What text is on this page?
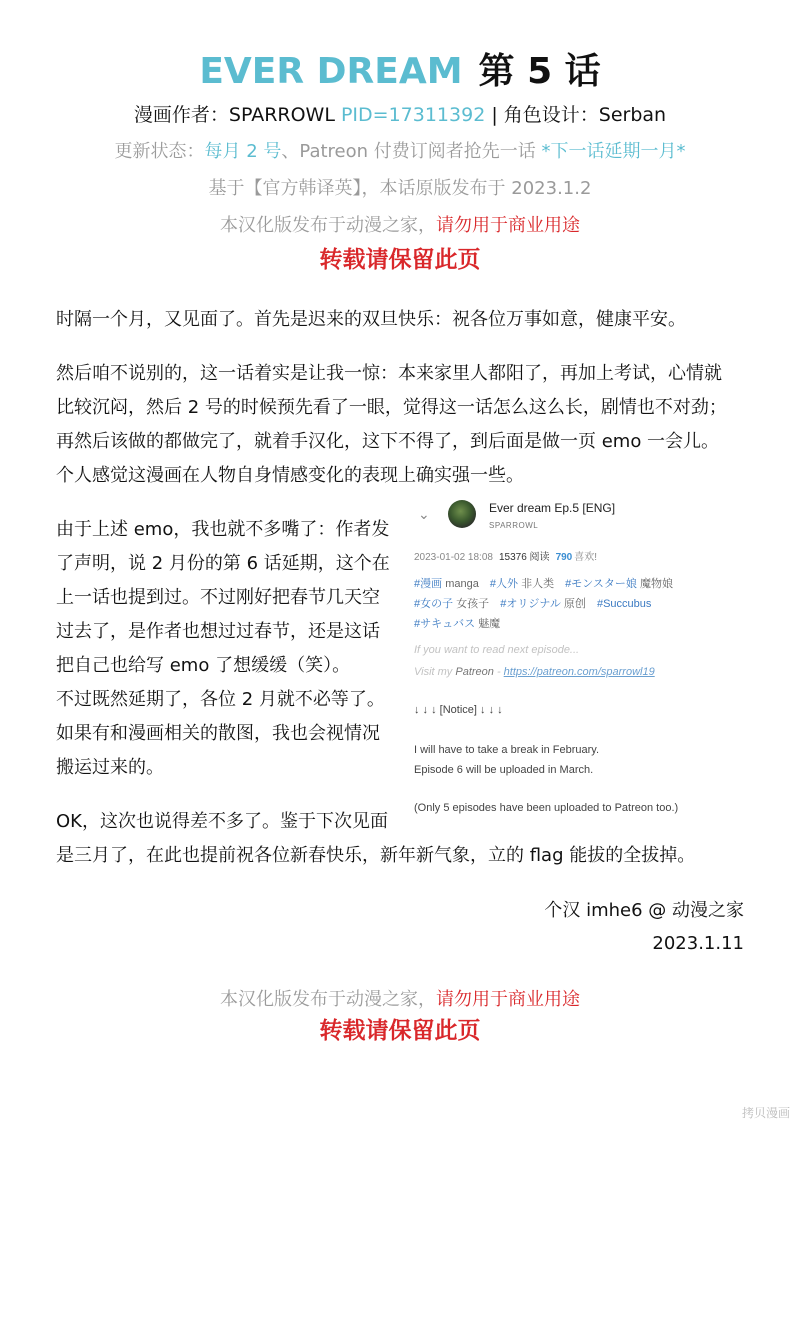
EVER DREAM 第 5 话
漫画作者：SPARROWL PID=17311392 | 角色设计：Serban
更新状态：每月 2 号、Patreon 付费订阅者抢先一话 *下一话延期一月*
基于【官方韩译英】，本话原版发布于 2023.1.2
本汉化版发布于动漫之家，请勿用于商业用途
转载请保留此页
时隔一个月，又见面了。首先是迟来的双旦快乐：祝各位万事如意，健康平安。
然后咱不说别的，这一话着实是让我一惊：本来家里人都阳了，再加上考试，心情就
比较沉闷，然后 2 号的时候预先看了一眼，觉得这一话怎么这么长，剧情也不对劲；
再然后该做的都做完了，就着手汉化，这下不得了，到后面是做一页 emo 一会儿。
个人感觉这漫画在人物自身情感变化的表现上确实强一些。
由于上述 emo，我也就不多嘴了：作者发
了声明，说 2 月份的第 6 话延期，这个在
上一话也提到过。不过刚好把春节几天空
过去了，是作者也想过过春节，还是这话
把自己也给写 emo 了想缓缓（笑）。
不过既然延期了，各位 2 月就不必等了。
如果有和漫画相关的散图，我也会视情况
搬运过来的。
OK，这次也说得差不多了。鉴于下次见面
是三月了，在此也提前祝各位新春快乐，新年新气象，立的 flag 能拔的全拔掉。
⌄	Ever dream Ep.5 [ENG]
SPARROWL
2023-01-02 18:08 15376 阅读 790 喜欢!
#漫画 manga #人外 非人类 #モンスター娘 魔物娘
#女の子 女孩子 #オリジナル 原创 #Succubus
#サキュバス 魅魔
If you want to read next episode...
Visit my Patreon - https://patreon.com/sparrowl19
↓ ↓ ↓ [Notice] ↓ ↓ ↓
I will have to take a break in February.
Episode 6 will be uploaded in March.
(Only 5 episodes have been uploaded to Patreon too.)
个汉 imhe6 @ 动漫之家
2023.1.11
本汉化版发布于动漫之家，请勿用于商业用途
转载请保留此页
拷贝漫画
